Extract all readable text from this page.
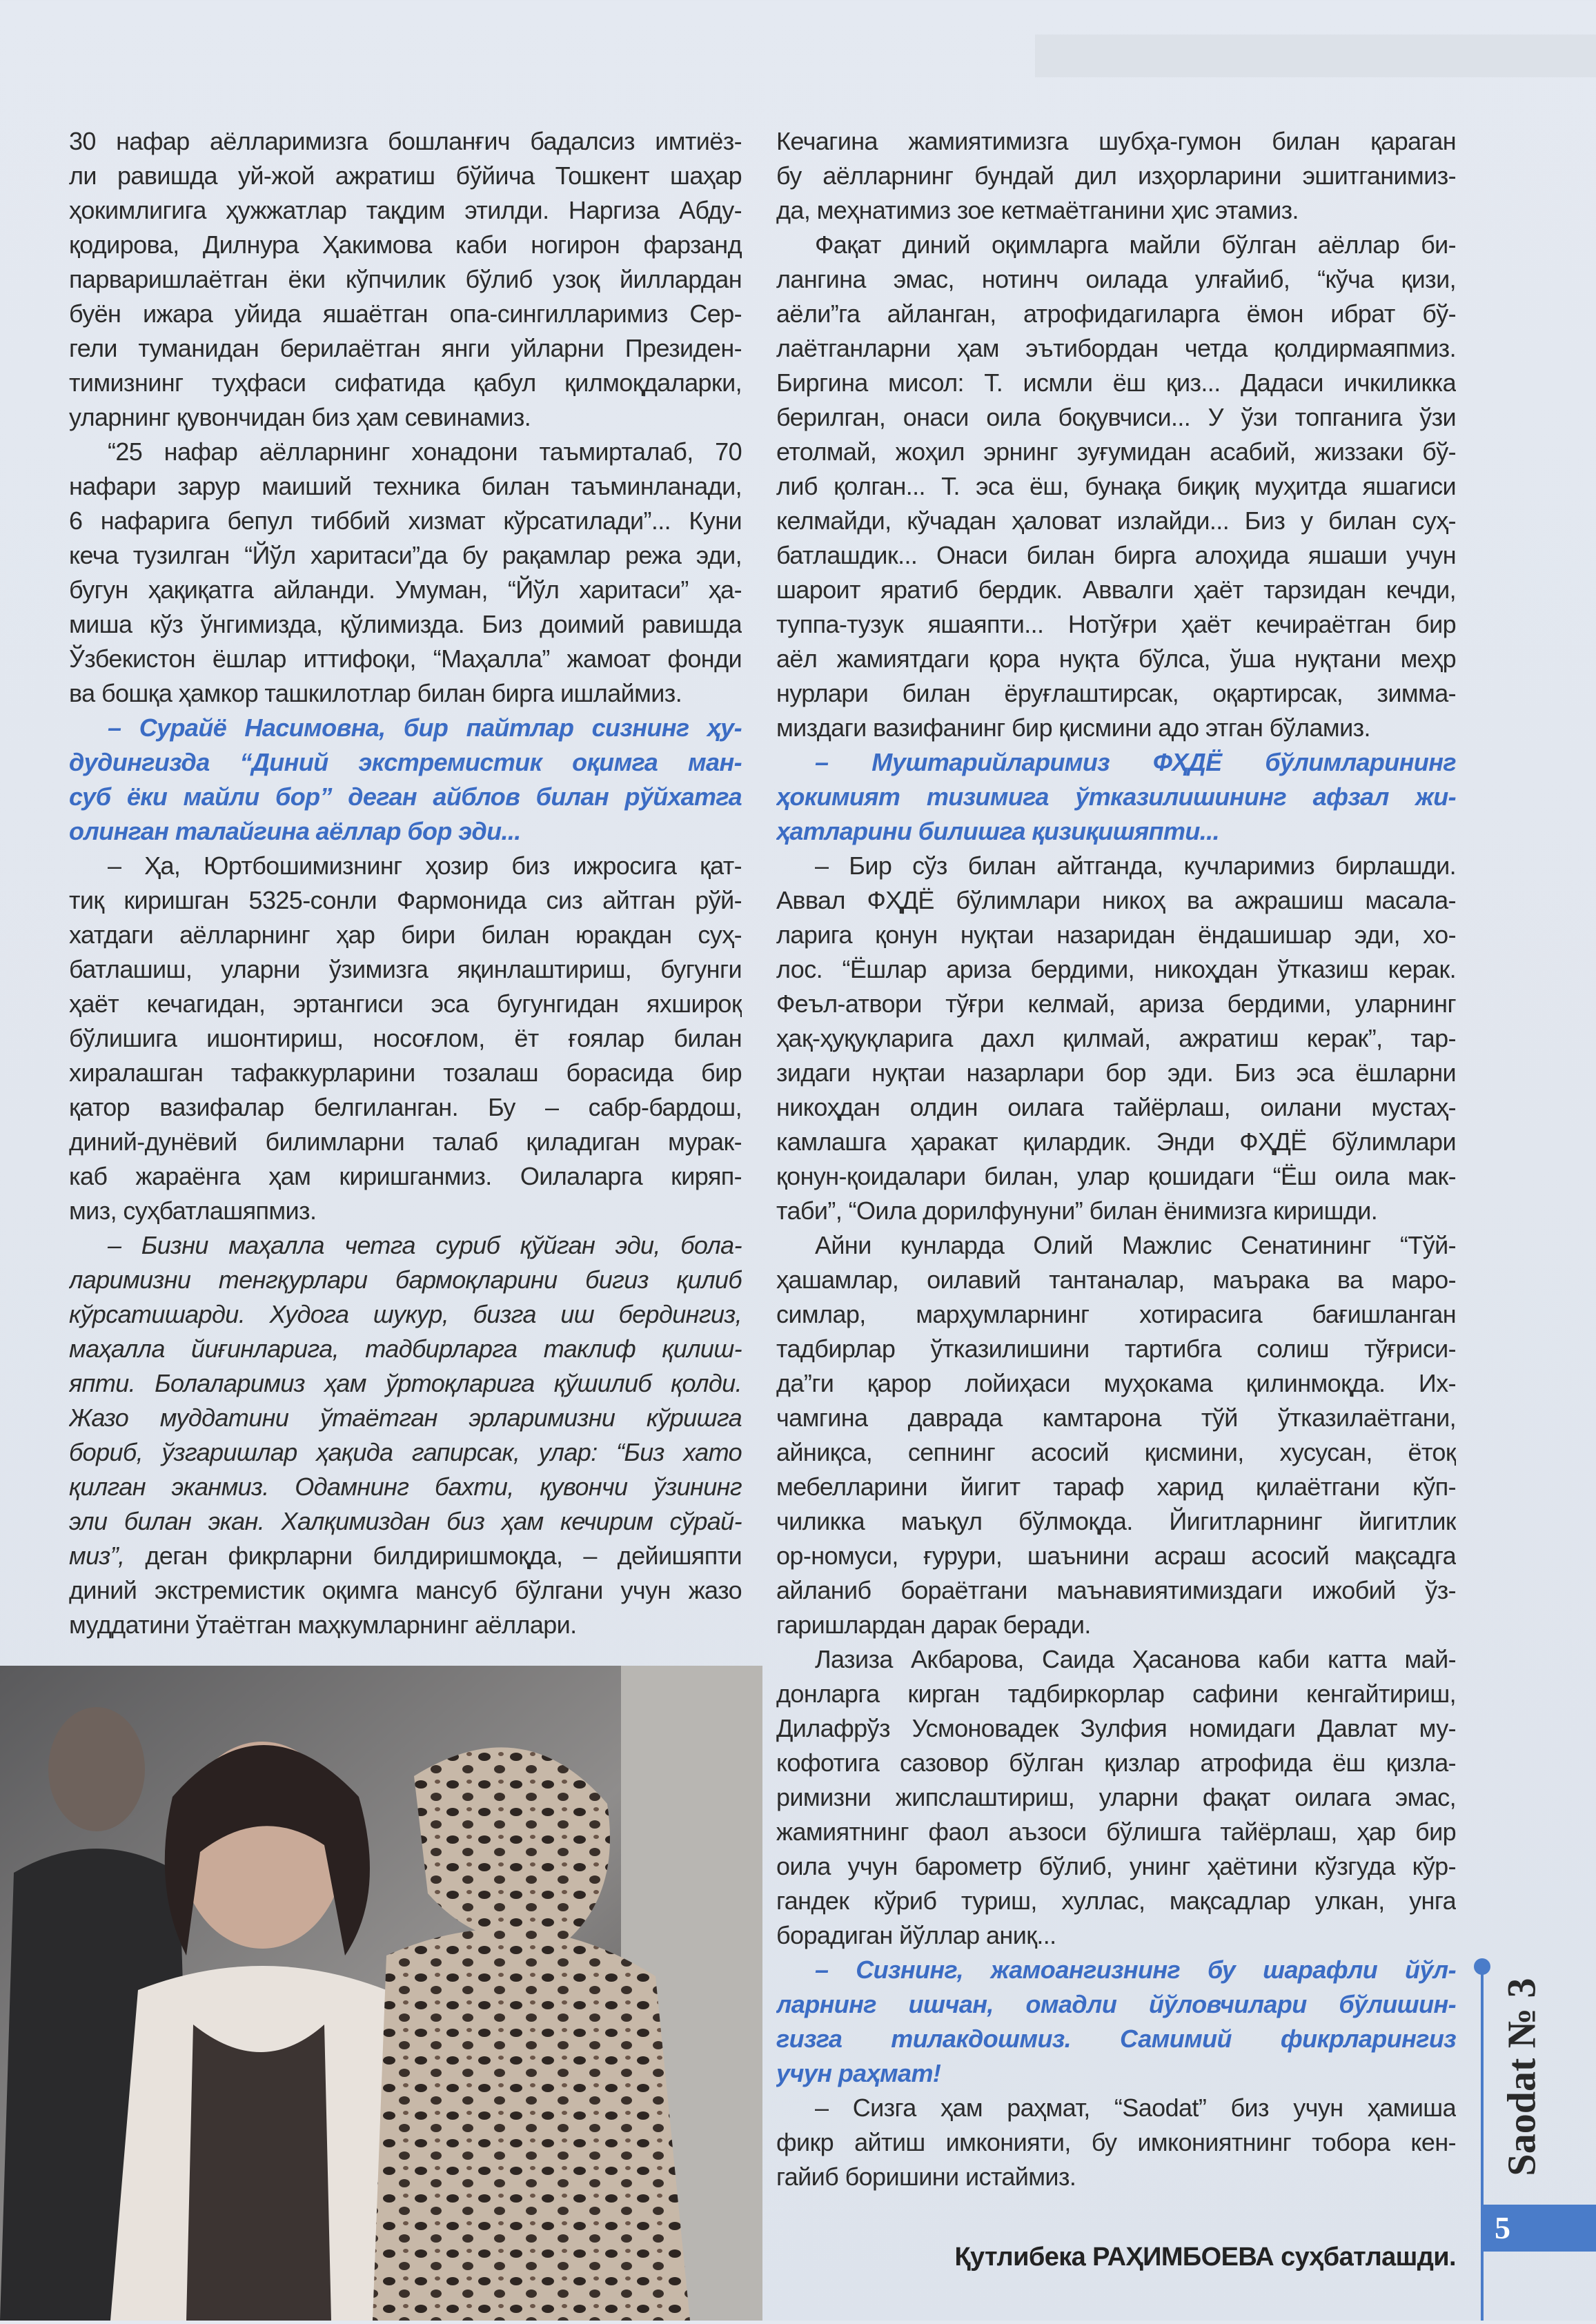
30 нафар аёлларимизга бошланғич бадалсиз имтиёз-
ли равишда уй-жой ажратиш бўйича Тошкент шаҳар
ҳокимлигига ҳужжатлар тақдим этилди. Наргиза Абду-
қодирова, Дилнура Ҳакимова каби ногирон фарзанд
парваришлаётган ёки кўпчилик бўлиб узоқ йиллардан
буён ижара уйида яшаётган опа-сингилларимиз Сер-
гели туманидан берилаётган янги уйларни Президен-
тимизнинг туҳфаси сифатида қабул қилмоқдаларки,
уларнинг қувончидан биз ҳам севинамиз.
“25 нафар аёлларнинг хонадони таъмирталаб, 70
нафари зарур маиший техника билан таъминланади,
6 нафарига бепул тиббий хизмат кўрсатилади”... Куни
кеча тузилган “Йўл харитаси”да бу рақамлар режа эди,
бугун ҳақиқатга айланди. Умуман, “Йўл харитаси” ҳа-
миша кўз ўнгимизда, қўлимизда. Биз доимий равишда
Ўзбекистон ёшлар иттифоқи, “Маҳалла” жамоат фонди
ва бошқа ҳамкор ташкилотлар билан бирга ишлаймиз.
– Сурайё Насимовна, бир пайтлар сизнинг ҳу-
дудингизда “Диний экстремистик оқимга ман-
суб ёки майли бор” деган айблов билан рўйхатга
олинган талайгина аёллар бор эди...
– Ҳа, Юртбошимизнинг ҳозир биз ижросига қат-
тиқ киришган 5325-сонли Фармонида сиз айтган рўй-
хатдаги аёлларнинг ҳар бири билан юракдан суҳ-
батлашиш, уларни ўзимизга яқинлаштириш, бугунги
ҳаёт кечагидан, эртангиси эса бугунгидан яхшироқ
бўлишига ишонтириш, носоғлом, ёт ғоялар билан
хиралашган тафаккурларини тозалаш борасида бир
қатор вазифалар белгиланган. Бу – сабр-бардош,
диний-дунёвий билимларни талаб қиладиган мурак-
каб жараёнга ҳам киришганмиз. Оилаларга киряп-
миз, суҳбатлашяпмиз.
– Бизни маҳалла четга суриб қўйган эди, бола-
ларимизни тенгқурлари бармоқларини бигиз қилиб
кўрсатишарди. Худога шукур, бизга иш бердингиз,
маҳалла йиғинларига, тадбирларга таклиф қилиш-
япти. Болаларимиз ҳам ўртоқларига қўшилиб қолди.
Жазо муддатини ўтаётган эрларимизни кўришга
бориб, ўзгаришлар ҳақида гапирсак, улар: “Биз хато
қилган эканмиз. Одамнинг бахти, қувончи ўзининг
эли билан экан. Халқимиздан биз ҳам кечирим сўрай-
миз”, деган фикрларни билдиришмоқда, – дейишяпти
диний экстремистик оқимга мансуб бўлгани учун жазо
муддатини ўтаётган маҳкумларнинг аёллари.
Кечагина жамиятимизга шубҳа-гумон билан қараган
бу аёлларнинг бундай дил изҳорларини эшитганимиз-
да, меҳнатимиз зое кетмаётганини ҳис этамиз.
Фақат диний оқимларга майли бўлган аёллар би-
лангина эмас, нотинч оилада улғайиб, “кўча қизи,
аёли”га айланган, атрофидагиларга ёмон ибрат бў-
лаётганларни ҳам эътибордан четда қолдирмаяпмиз.
Биргина мисол: Т. исмли ёш қиз... Дадаси ичкиликка
берилган, онаси оила боқувчиси... У ўзи топганига ўзи
етолмай, жоҳил эрнинг зуғумидан асабий, жиззаки бў-
либ қолган... Т. эса ёш, бунақа биқиқ муҳитда яшагиси
келмайди, кўчадан ҳаловат излайди... Биз у билан суҳ-
батлашдик... Онаси билан бирга алоҳида яшаши учун
шароит яратиб бердик. Аввалги ҳаёт тарзидан кечди,
туппа-тузук яшаяпти... Нотўғри ҳаёт кечираётган бир
аёл жамиятдаги қора нуқта бўлса, ўша нуқтани меҳр
нурлари билан ёруғлаштирсак, оқартирсак, зимма-
миздаги вазифанинг бир қисмини адо этган бўламиз.
– Муштарийларимиз ФҲДЁ бўлимларининг
ҳокимият тизимига ўтказилишининг афзал жи-
ҳатларини билишга қизиқишяпти...
– Бир сўз билан айтганда, кучларимиз бирлашди.
Аввал ФҲДЁ бўлимлари никоҳ ва ажрашиш масала-
ларига қонун нуқтаи назаридан ёндашишар эди, хо-
лос. “Ёшлар ариза бердими, никоҳдан ўтказиш керак.
Феъл-атвори тўғри келмай, ариза бердими, уларнинг
ҳақ-ҳуқуқларига дахл қилмай, ажратиш керак”, тар-
зидаги нуқтаи назарлари бор эди. Биз эса ёшларни
никоҳдан олдин оилага тайёрлаш, оилани мустаҳ-
камлашга ҳаракат қилардик. Энди ФҲДЁ бўлимлари
қонун-қоидалари билан, улар қошидаги “Ёш оила мак-
таби”, “Оила дорилфунуни” билан ёнимизга киришди.
Айни кунларда Олий Мажлис Сенатининг “Тўй-
ҳашамлар, оилавий тантаналар, маърака ва маро-
симлар, марҳумларнинг хотирасига бағишланган
тадбирлар ўтказилишини тартибга солиш тўғриси-
да”ги қарор лойиҳаси муҳокама қилинмоқда. Их-
чамгина даврада камтарона тўй ўтказилаётгани,
айниқса, сепнинг асосий қисмини, хусусан, ётоқ
мебелларини йигит тараф харид қилаётгани кўп-
чиликка маъқул бўлмоқда. Йигитларнинг йигитлик
ор-номуси, ғурури, шаънини асраш асосий мақсадга
айланиб бораётгани маънавиятимиздаги ижобий ўз-
гаришлардан дарак беради.
Лазиза Акбарова, Саида Ҳасанова каби катта май-
донларга кирган тадбиркорлар сафини кенгайтириш,
Дилафрўз Усмоновадек Зулфия номидаги Давлат му-
кофотига сазовор бўлган қизлар атрофида ёш қизла-
римизни жипслаштириш, уларни фақат оилага эмас,
жамиятнинг фаол аъзоси бўлишга тайёрлаш, ҳар бир
оила учун барометр бўлиб, унинг ҳаётини кўзгуда кўр-
гандек кўриб туриш, хуллас, мақсадлар улкан, унга
борадиган йўллар аниқ...
– Сизнинг, жамоангизнинг бу шарафли йўл-
ларнинг ишчан, омадли йўловчилари бўлишин-
гизга тилакдошмиз. Самимий фикрларингиз
учун раҳмат!
– Сизга ҳам раҳмат, “Saodat” биз учун ҳамиша
фикр айтиш имконияти, бу имкониятнинг тобора кен-
гайиб боришини истаймиз.
Қутлибека РАҲИМБОЕВА суҳбатлашди.
Saodat № 3
5
